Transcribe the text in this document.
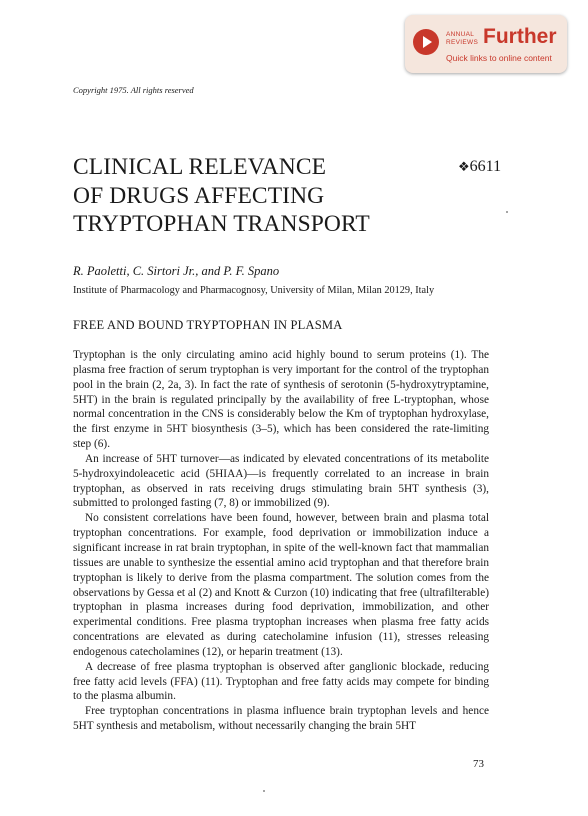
ANNUAL
REVIEWS Further
Quick links to online content
Copyright 1975. All rights reserved
CLINICAL RELEVANCE
OF DRUGS AFFECTING
TRYPTOPHAN TRANSPORT
❖6611
R. Paoletti, C. Sirtori Jr., and P. F. Spano
Institute of Pharmacology and Pharmacognosy, University of Milan, Milan 20129, Italy
FREE AND BOUND TRYPTOPHAN IN PLASMA

Tryptophan is the only circulating amino acid highly bound to serum proteins (1). The plasma free fraction of serum tryptophan is very important for the control of the tryptophan pool in the brain (2, 2a, 3). In fact the rate of synthesis of serotonin (5-hydroxytryptamine, 5HT) in the brain is regulated principally by the availability of free L-tryptophan, whose normal concentration in the CNS is considerably below the Km of tryptophan hydroxylase, the first enzyme in 5HT biosynthesis (3–5), which has been considered the rate-limiting step (6).

An increase of 5HT turnover—as indicated by elevated concentrations of its metabolite 5-hydroxyindoleacetic acid (5HIAA)—is frequently correlated to an increase in brain tryptophan, as observed in rats receiving drugs stimulating brain 5HT synthesis (3), submitted to prolonged fasting (7, 8) or immobilized (9).

No consistent correlations have been found, however, between brain and plasma total tryptophan concentrations. For example, food deprivation or immobilization induce a significant increase in rat brain tryptophan, in spite of the well-known fact that mammalian tissues are unable to synthesize the essential amino acid tryptophan and that therefore brain tryptophan is likely to derive from the plasma compartment. The solution comes from the observations by Gessa et al (2) and Knott & Curzon (10) indicating that free (ultrafilterable) tryptophan in plasma increases during food deprivation, immobilization, and other experimental conditions. Free plasma tryptophan increases when plasma free fatty acids concentrations are elevated as during catecholamine infusion (11), stresses releasing endogenous catecholamines (12), or heparin treatment (13).

A decrease of free plasma tryptophan is observed after ganglionic blockade, reducing free fatty acid levels (FFA) (11). Tryptophan and free fatty acids may compete for binding to the plasma albumin.

Free tryptophan concentrations in plasma influence brain tryptophan levels and hence 5HT synthesis and metabolism, without necessarily changing the brain 5HT

73
